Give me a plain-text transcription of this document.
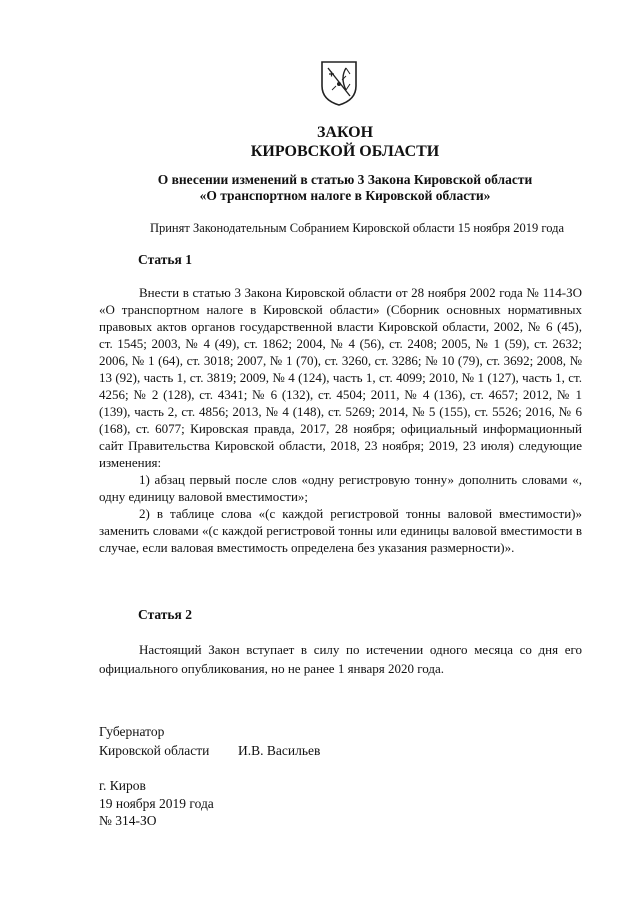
ЗАКОН
КИРОВСКОЙ ОБЛАСТИ
О внесении изменений в статью 3 Закона Кировской области
«О транспортном налоге в Кировской области»
Принят Законодательным Собранием Кировской области 15 ноября 2019 года
Статья 1

Внести в статью 3 Закона Кировской области от 28 ноября 2002 года № 114-ЗО «О транспортном налоге в Кировской области» (Сборник основных нормативных правовых актов органов государственной власти Кировской области, 2002, № 6 (45), ст. 1545; 2003, № 4 (49), ст. 1862; 2004, № 4 (56), ст. 2408; 2005, № 1 (59), ст. 2632; 2006, № 1 (64), ст. 3018; 2007, № 1 (70), ст. 3260, ст. 3286; № 10 (79), ст. 3692; 2008, № 13 (92), часть 1, ст. 3819; 2009, № 4 (124), часть 1, ст. 4099; 2010, № 1 (127), часть 1, ст. 4256; № 2 (128), ст. 4341; № 6 (132), ст. 4504; 2011, № 4 (136), ст. 4657; 2012, № 1 (139), часть 2, ст. 4856; 2013, № 4 (148), ст. 5269; 2014, № 5 (155), ст. 5526; 2016, № 6 (168), ст. 6077; Кировская правда, 2017, 28 ноября; официальный информационный сайт Правительства Кировской области, 2018, 23 ноября; 2019, 23 июля) следующие изменения:

1) абзац первый после слов «одну регистровую тонну» дополнить словами «, одну единицу валовой вместимости»;

2) в таблице слова «(с каждой регистровой тонны валовой вместимости)» заменить словами «(с каждой регистровой тонны или единицы валовой вместимости в случае, если валовая вместимость определена без указания размерности)».

Статья 2

Настоящий Закон вступает в силу по истечении одного месяца со дня его официального опубликования, но не ранее 1 января 2020 года.

Губернатор
Кировской области И.В. Васильев
г. Киров
19 ноября 2019 года
№ 314-ЗО
